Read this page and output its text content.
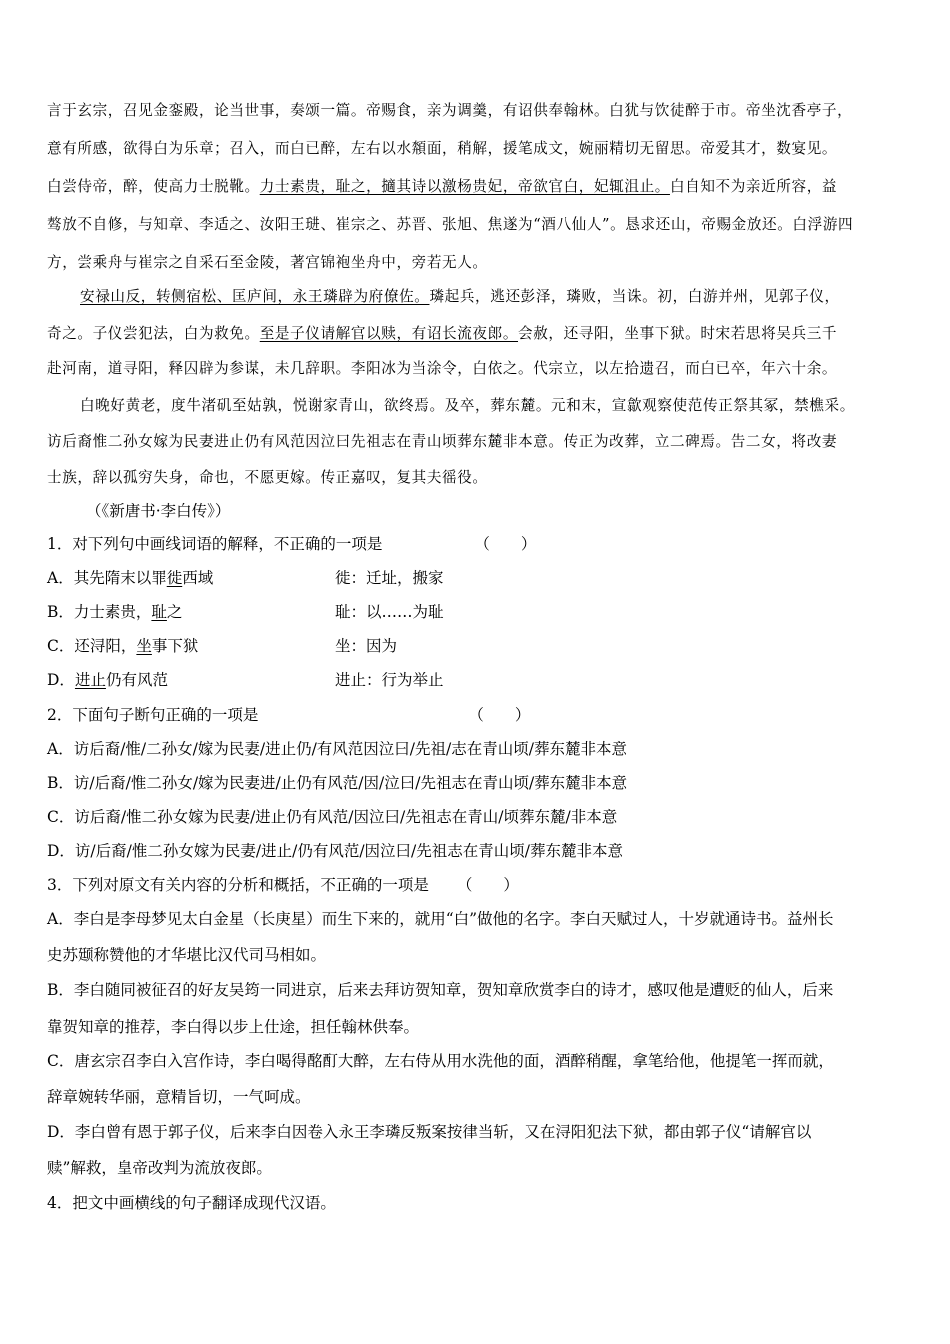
言于玄宗，召见金銮殿，论当世事，奏颂一篇。帝赐食，亲为调羹，有诏供奉翰林。白犹与饮徒醉于市。帝坐沈香亭子，
意有所感，欲得白为乐章；召入，而白已醉，左右以水頮面，稍解，援笔成文，婉丽精切无留思。帝爱其才，数宴见。
白尝侍帝，醉，使高力士脱靴。力士素贵，耻之，擿其诗以激杨贵妃，帝欲官白，妃辄沮止。白自知不为亲近所容，益
骜放不自修，与知章、李适之、汝阳王琎、崔宗之、苏晋、张旭、焦遂为“酒八仙人”。恳求还山，帝赐金放还。白浮游四
方，尝乘舟与崔宗之自采石至金陵，著宫锦袍坐舟中，旁若无人。
安禄山反，转侧宿松、匡庐间，永王璘辟为府僚佐。璘起兵，逃还彭泽，璘败，当诛。初，白游并州，见郭子仪，
奇之。子仪尝犯法，白为救免。至是子仪请解官以赎，有诏长流夜郎。会赦，还寻阳，坐事下狱。时宋若思将吴兵三千
赴河南，道寻阳，释囚辟为参谋，未几辞职。李阳冰为当涂令，白依之。代宗立，以左拾遗召，而白已卒，年六十余。
白晚好黄老，度牛渚矶至姑孰，悦谢家青山，欲终焉。及卒，葬东麓。元和末，宣歙观察使范传正祭其冢，禁樵采。
访后裔惟二孙女嫁为民妻进止仍有风范因泣曰先祖志在青山顷葬东麓非本意。传正为改葬，立二碑焉。告二女，将改妻
士族，辞以孤穷失身，命也，不愿更嫁。传正嘉叹，复其夫徭役。
（《新唐书·李白传》）
1．对下列句中画线词语的解释，不正确的一项是	（　　）
A．其先隋末以罪徙西域	徙：迁址，搬家
B．力士素贵，耻之	耻：以……为耻
C．还浔阳，坐事下狱	坐：因为
D．进止仍有风范	进止：行为举止
2．下面句子断句正确的一项是	（　　）
A．访后裔/惟/二孙女/嫁为民妻/进止仍/有风范因泣曰/先祖/志在青山顷/葬东麓非本意
B．访/后裔/惟二孙女/嫁为民妻进/止仍有风范/因/泣曰/先祖志在青山顷/葬东麓非本意
C．访后裔/惟二孙女嫁为民妻/进止仍有风范/因泣曰/先祖志在青山/顷葬东麓/非本意
D．访/后裔/惟二孙女嫁为民妻/进止/仍有风范/因泣曰/先祖志在青山顷/葬东麓非本意
3．下列对原文有关内容的分析和概括，不正确的一项是 （　　）
A．李白是李母梦见太白金星（长庚星）而生下来的，就用“白”做他的名字。李白天赋过人，十岁就通诗书。益州长
史苏颋称赞他的才华堪比汉代司马相如。
B．李白随同被征召的好友吴筠一同进京，后来去拜访贺知章，贺知章欣赏李白的诗才，感叹他是遭贬的仙人，后来
靠贺知章的推荐，李白得以步上仕途，担任翰林供奉。
C．唐玄宗召李白入宫作诗，李白喝得酩酊大醉，左右侍从用水洗他的面，酒醉稍醒，拿笔给他，他提笔一挥而就，
辞章婉转华丽，意精旨切，一气呵成。
D．李白曾有恩于郭子仪，后来李白因卷入永王李璘反叛案按律当斩，又在浔阳犯法下狱，都由郭子仪“请解官以
赎”解救，皇帝改判为流放夜郎。
4．把文中画横线的句子翻译成现代汉语。
